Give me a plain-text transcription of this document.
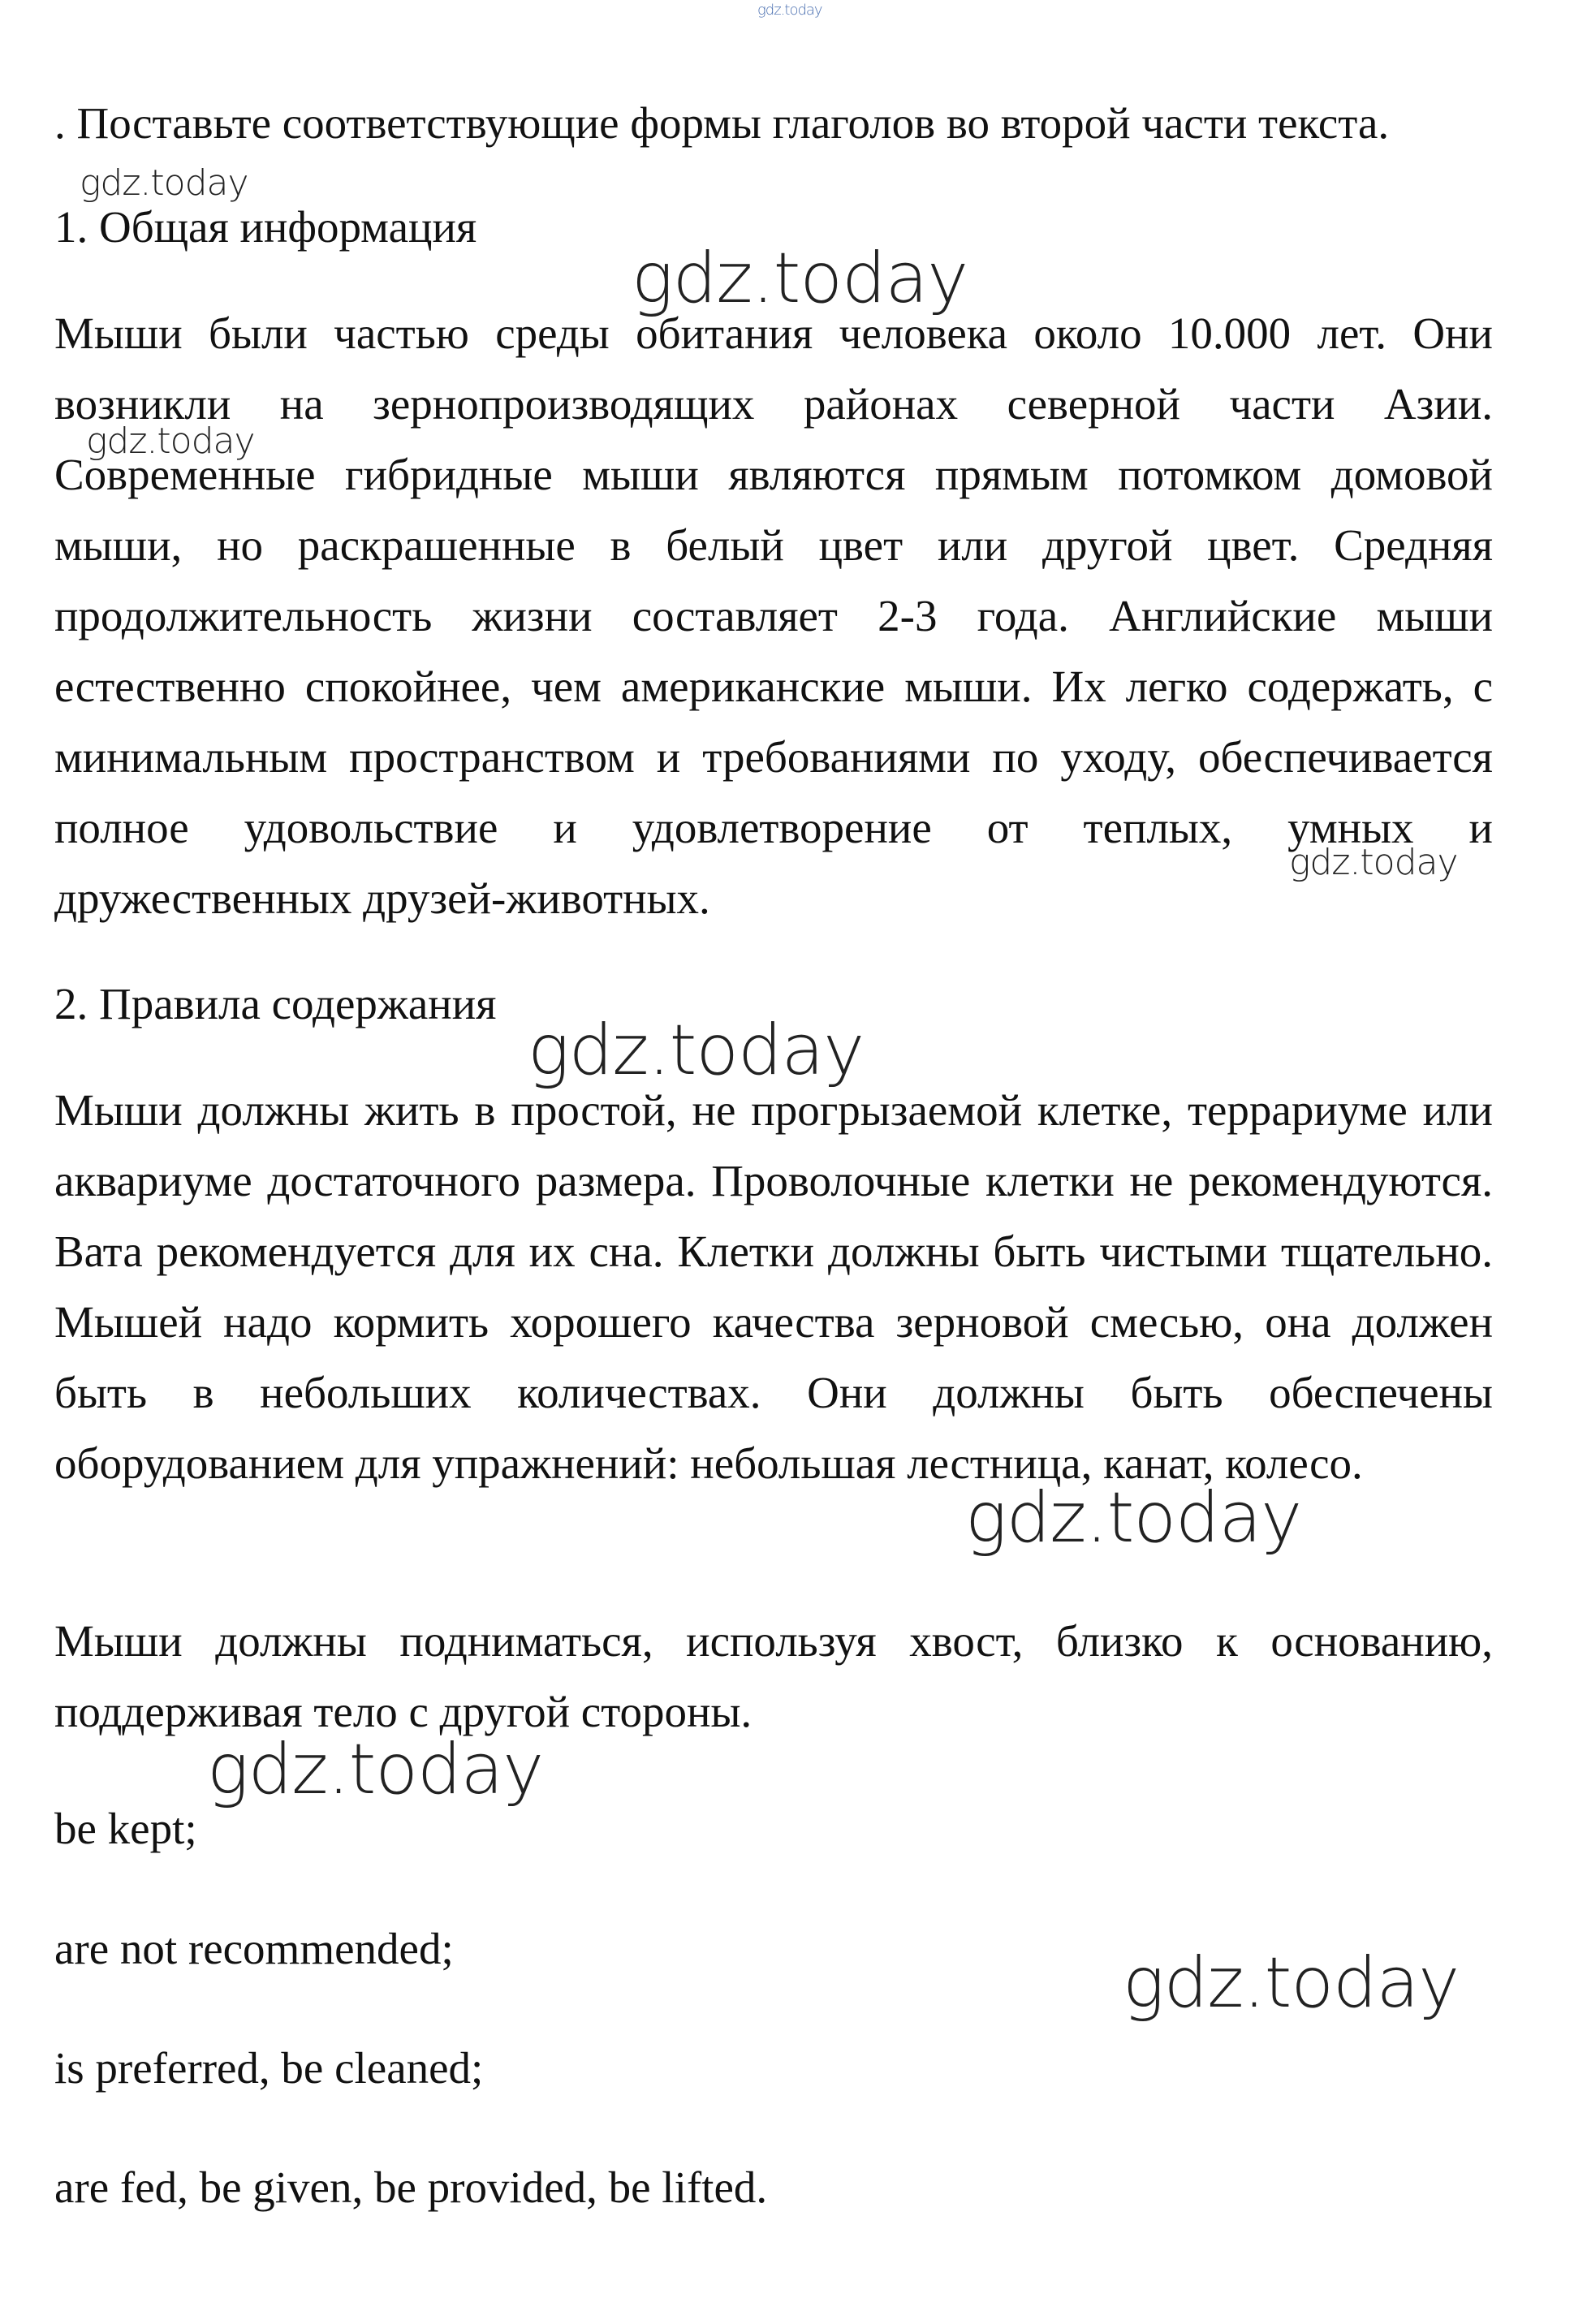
gdz.today
. Поставьте соответствующие формы глаголов во второй части текста.
gdz.today
1. Общая информация
gdz.today
Мыши были частью среды обитания человека около 10.000 лет. Они возникли на зернопроизводящих районах северной части Азии. Современные гибридные мыши являются прямым потомком домовой мыши, но раскрашенные в белый цвет или другой цвет. Средняя продолжительность жизни составляет 2-3 года. Английские мыши естественно спокойнее, чем американские мыши. Их легко содержать, с минимальным пространством и требованиями по уходу, обеспечивается полное удовольствие и удовлетворение от теплых, умных и дружественных друзей-животных.
gdz.today
gdz.today
2. Правила содержания
gdz.today
Мыши должны жить в простой, не прогрызаемой клетке, террариуме или аквариуме достаточного размера. Проволочные клетки не рекомендуются. Вата рекомендуется для их сна. Клетки должны быть чистыми тщательно. Мышей надо кормить хорошего качества зерновой смесью, она должен быть в небольших количествах. Они должны быть обеспечены оборудованием для упражнений: небольшая лестница, канат, колесо.
gdz.today
Мыши должны подниматься, используя хвост, близко к основанию, поддерживая тело с другой стороны.
gdz.today
be kept;
are not recommended;	gdz.today
is preferred, be cleaned;
are fed, be given, be provided, be lifted.
